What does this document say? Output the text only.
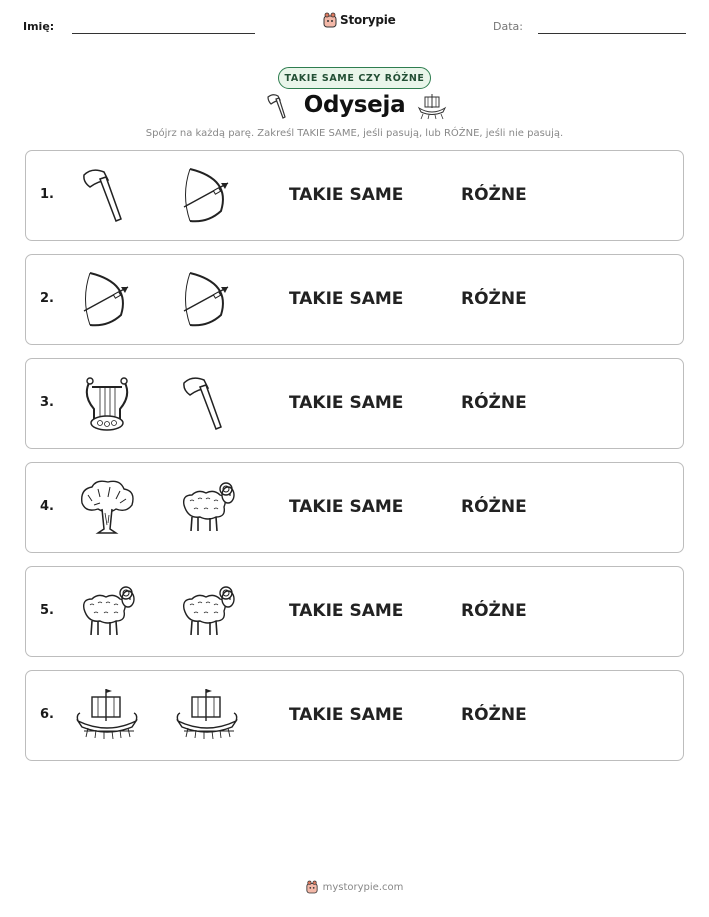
Imię:	Storypie	Data:
TAKIE SAME CZY RÓŻNE
Odyseja
Spójrz na każdą parę. Zakreśl TAKIE SAME, jeśli pasują, lub RÓŻNE, jeśli nie pasują.
1.	TAKIE SAME	RÓŻNE
2.	TAKIE SAME	RÓŻNE
3.	TAKIE SAME	RÓŻNE
4.	TAKIE SAME	RÓŻNE
5.	TAKIE SAME	RÓŻNE
6.	TAKIE SAME	RÓŻNE
mystorypie.com
